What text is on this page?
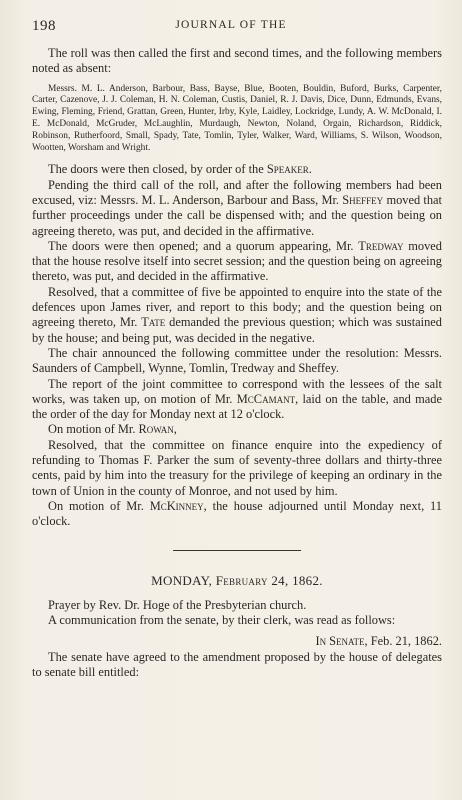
198	JOURNAL OF THE

The roll was then called the first and second times, and the following members noted as absent:

Messrs. M. L. Anderson, Barbour, Bass, Bayse, Blue, Booten, Bouldin, Buford, Burks, Carpenter, Carter, Cazenove, J. J. Coleman, H. N. Coleman, Custis, Daniel, R. J. Davis, Dice, Dunn, Edmunds, Evans, Ewing, Fleming, Friend, Grattan, Green, Hunter, Irby, Kyle, Laidley, Lockridge, Lundy, A. W. McDonald, I. E. McDonald, McGruder, McLaughlin, Murdaugh, Newton, Noland, Orgain, Richardson, Riddick, Robinson, Rutherfoord, Small, Spady, Tate, Tomlin, Tyler, Walker, Ward, Williams, S. Wilson, Woodson, Wootten, Worsham and Wright.

The doors were then closed, by order of the Speaker.

Pending the third call of the roll, and after the following members had been excused, viz: Messrs. M. L. Anderson, Barbour and Bass, Mr. Sheffey moved that further proceedings under the call be dispensed with; and the question being on agreeing thereto, was put, and decided in the affirmative.

The doors were then opened; and a quorum appearing, Mr. Tredway moved that the house resolve itself into secret session; and the question being on agreeing thereto, was put, and decided in the affirmative.

Resolved, that a committee of five be appointed to enquire into the state of the defences upon James river, and report to this body; and the question being on agreeing thereto, Mr. Tate demanded the previous question; which was sustained by the house; and being put, was decided in the negative.

The chair announced the following committee under the resolution: Messrs. Saunders of Campbell, Wynne, Tomlin, Tredway and Sheffey.

The report of the joint committee to correspond with the lessees of the salt works, was taken up, on motion of Mr. McCamant, laid on the table, and made the order of the day for Monday next at 12 o'clock.

On motion of Mr. Rowan,

Resolved, that the committee on finance enquire into the expediency of refunding to Thomas F. Parker the sum of seventy-three dollars and thirty-three cents, paid by him into the treasury for the privilege of keeping an ordinary in the town of Union in the county of Monroe, and not used by him.

On motion of Mr. McKinney, the house adjourned until Monday next, 11 o'clock.

MONDAY, February 24, 1862.

Prayer by Rev. Dr. Hoge of the Presbyterian church.

A communication from the senate, by their clerk, was read as follows:

In Senate, Feb. 21, 1862.

The senate have agreed to the amendment proposed by the house of delegates to senate bill entitled:
